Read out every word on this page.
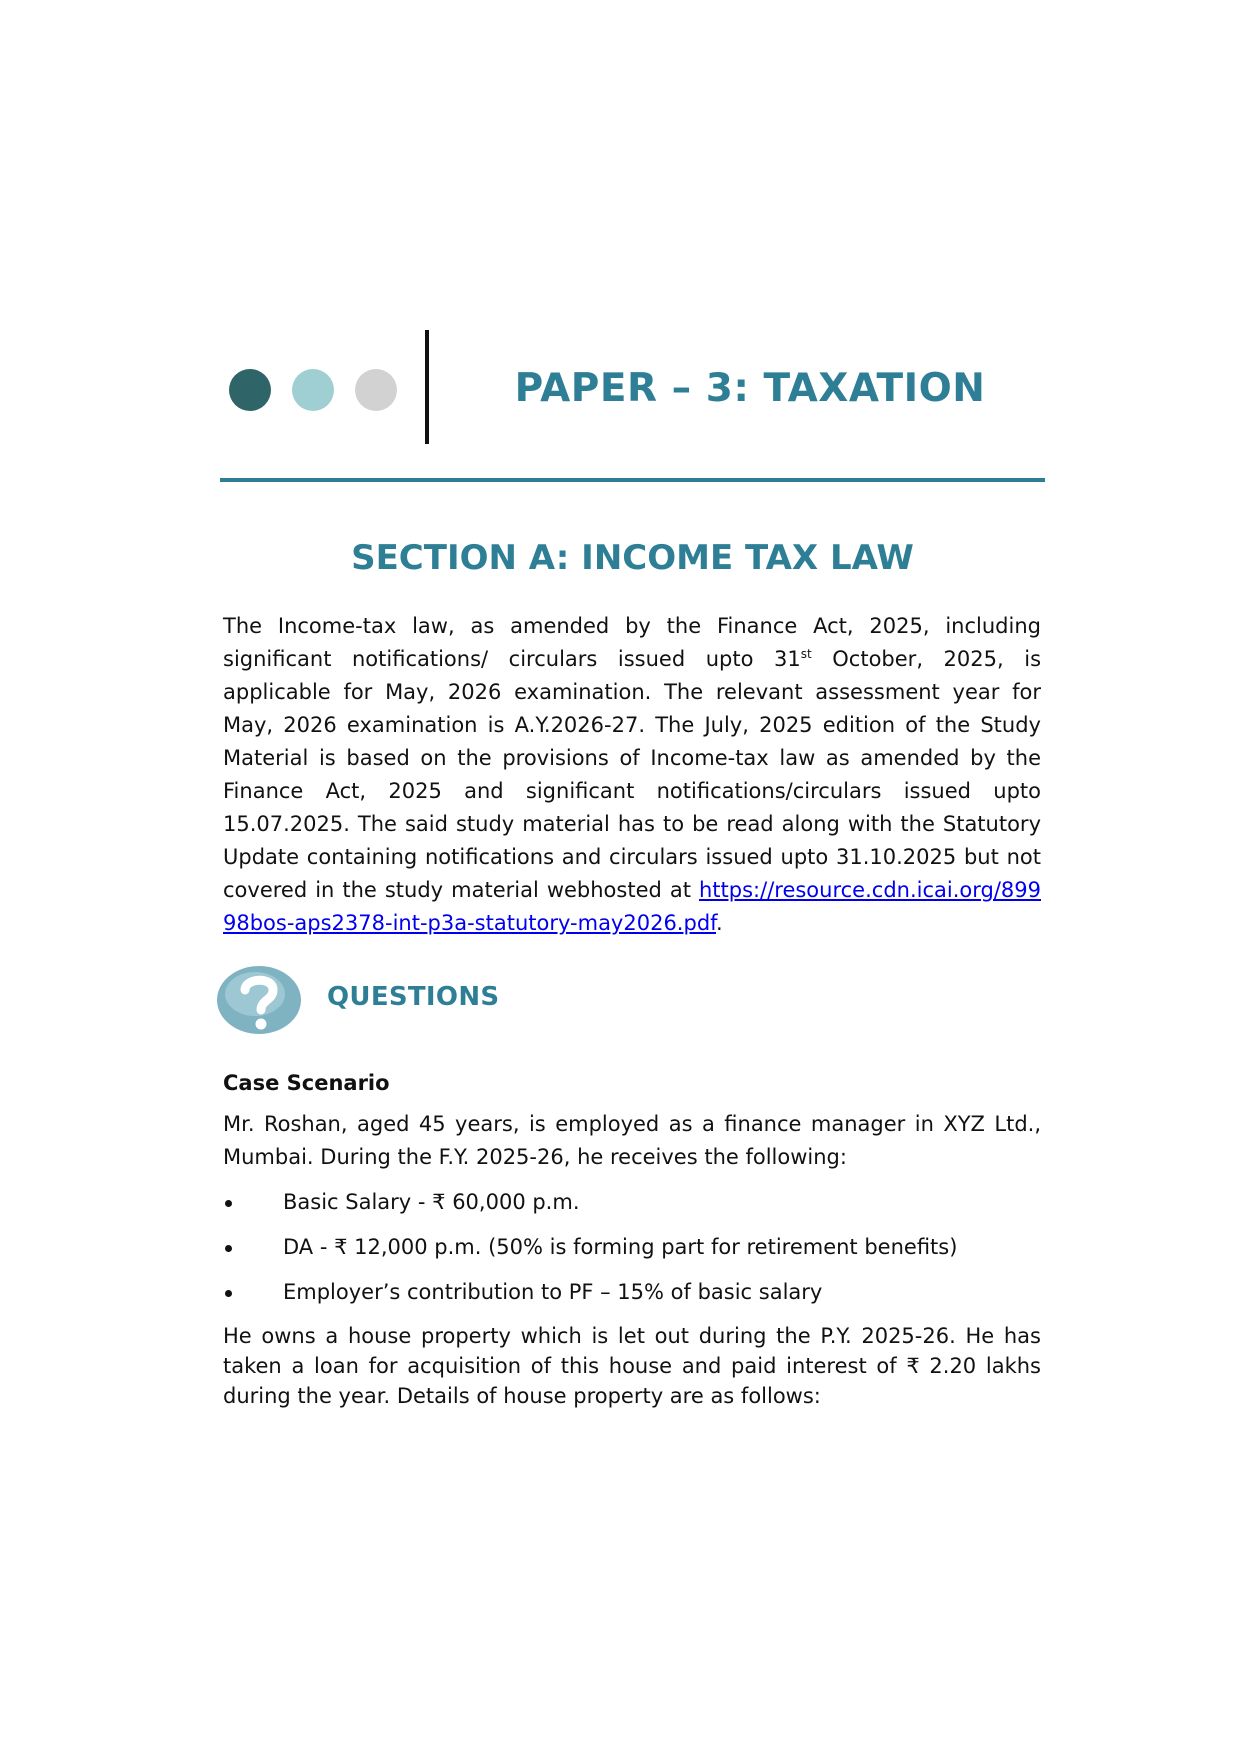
PAPER – 3: TAXATION
SECTION A: INCOME TAX LAW

The Income-tax law, as amended by the Finance Act, 2025, including significant notifications/ circulars issued upto 31st October, 2025, is applicable for May, 2026 examination. The relevant assessment year for May, 2026 examination is A.Y.2026-27. The July, 2025 edition of the Study Material is based on the provisions of Income-tax law as amended by the Finance Act, 2025 and significant notifications/circulars issued upto 15.07.2025. The said study material has to be read along with the Statutory Update containing notifications and circulars issued upto 31.10.2025 but not covered in the study material webhosted at https://resource.cdn.icai.org/89998bos-aps2378-int-p3a-statutory-may2026.pdf.

QUESTIONS
Case Scenario

Mr. Roshan, aged 45 years, is employed as a finance manager in XYZ Ltd., Mumbai. During the F.Y. 2025-26, he receives the following:

Basic Salary - ₹ 60,000 p.m.
DA - ₹ 12,000 p.m. (50% is forming part for retirement benefits)
Employer’s contribution to PF – 15% of basic salary

He owns a house property which is let out during the P.Y. 2025-26. He has taken a loan for acquisition of this house and paid interest of ₹ 2.20 lakhs during the year. Details of house property are as follows:
